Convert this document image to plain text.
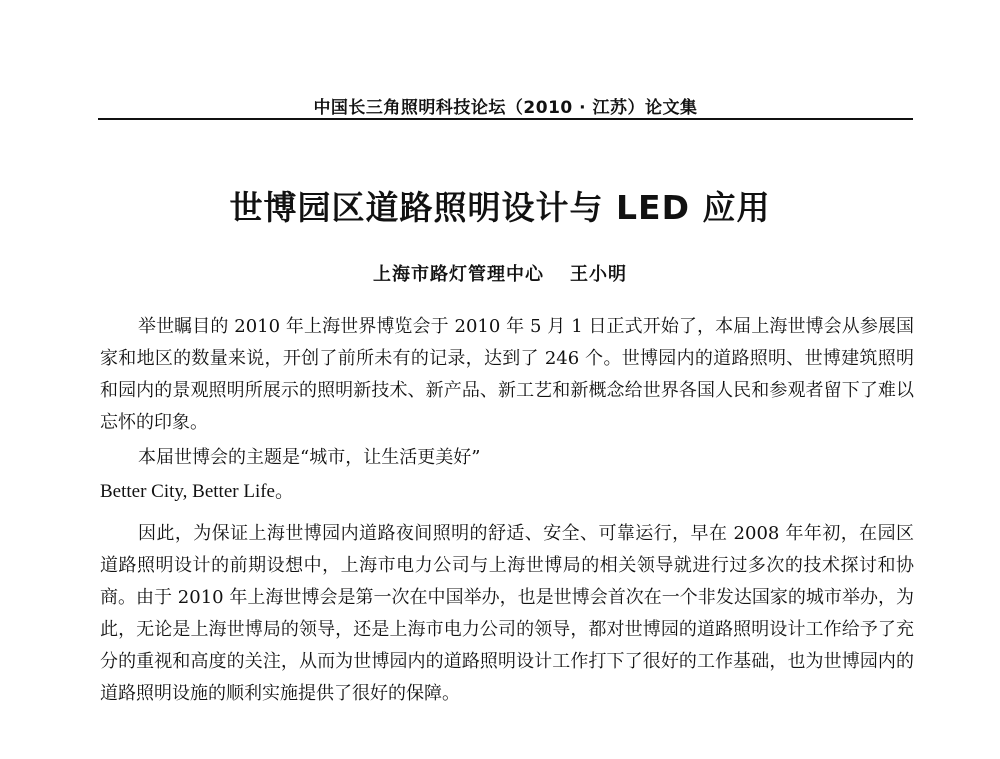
中国长三角照明科技论坛（2010 · 江苏）论文集
世博园区道路照明设计与 LED 应用
上海市路灯管理中心 王小明

举世瞩目的 2010 年上海世界博览会于 2010 年 5 月 1 日正式开始了，本届上海世博会从参展国家和地区的数量来说，开创了前所未有的记录，达到了 246 个。世博园内的道路照明、世博建筑照明和园内的景观照明所展示的照明新技术、新产品、新工艺和新概念给世界各国人民和参观者留下了难以忘怀的印象。

本届世博会的主题是“城市，让生活更美好”

Better City, Better Life。

因此，为保证上海世博园内道路夜间照明的舒适、安全、可靠运行，早在 2008 年年初，在园区道路照明设计的前期设想中，上海市电力公司与上海世博局的相关领导就进行过多次的技术探讨和协商。由于 2010 年上海世博会是第一次在中国举办，也是世博会首次在一个非发达国家的城市举办，为此，无论是上海世博局的领导，还是上海市电力公司的领导，都对世博园的道路照明设计工作给予了充分的重视和高度的关注，从而为世博园内的道路照明设计工作打下了很好的工作基础，也为世博园内的道路照明设施的顺利实施提供了很好的保障。
